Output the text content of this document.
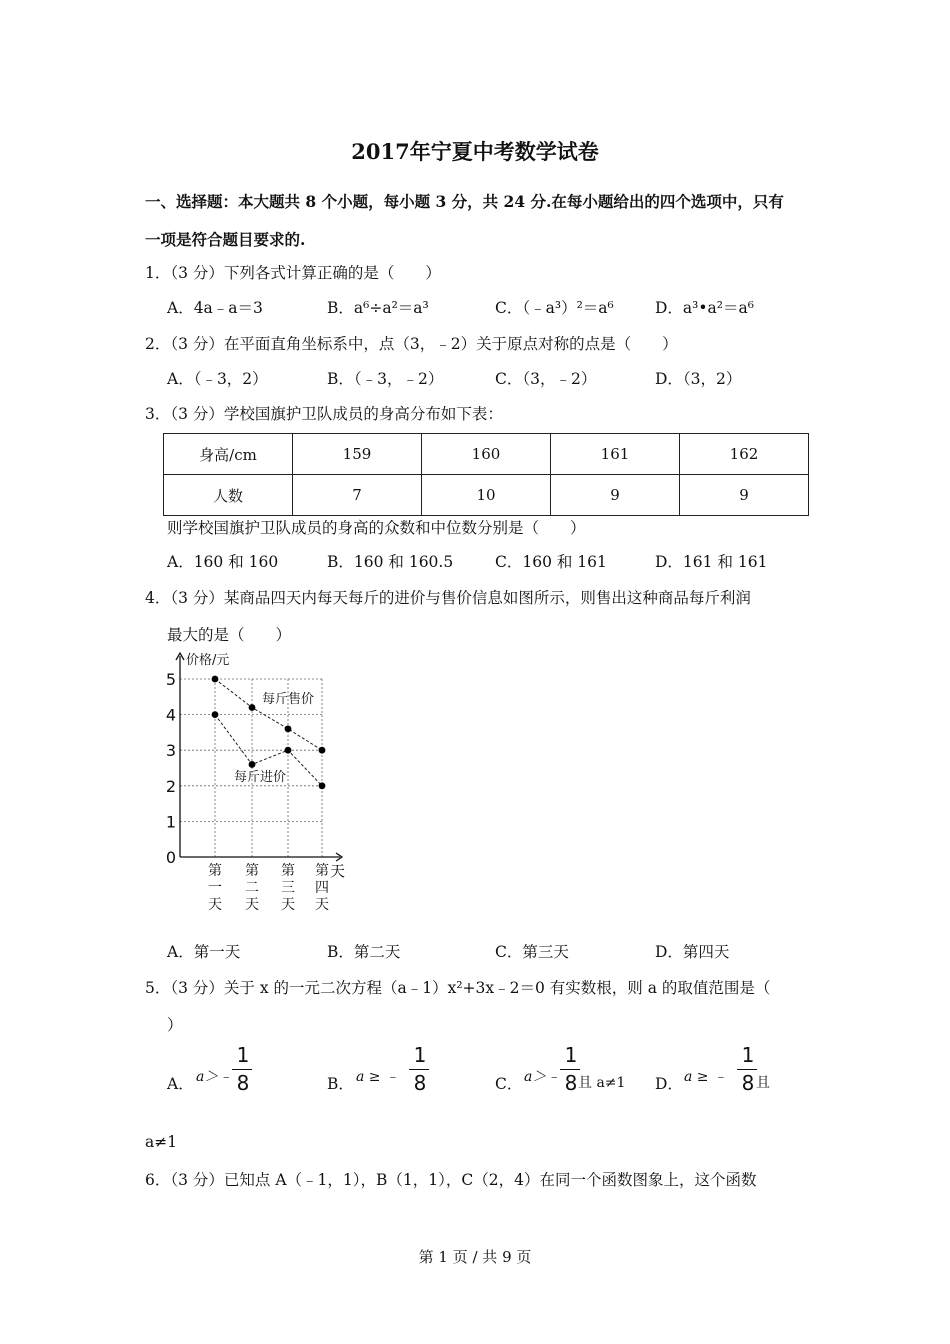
2017年宁夏中考数学试卷
一、选择题：本大题共 8 个小题，每小题 3 分，共 24 分.在每小题给出的四个选项中，只有
一项是符合题目要求的.
1．（3 分）下列各式计算正确的是（　　）
A．4a﹣a＝3	B．a⁶÷a²＝a³	C．（﹣a³）²＝a⁶	D．a³•a²＝a⁶
2．（3 分）在平面直角坐标系中，点（3，﹣2）关于原点对称的点是（　　）
A．（﹣3，2）	B．（﹣3，﹣2）	C．（3，﹣2）	D．（3，2）
3．（3 分）学校国旗护卫队成员的身高分布如下表：
身高/cm	159	160	161	162
人数	7	10	9	9
则学校国旗护卫队成员的身高的众数和中位数分别是（　　）
A．160 和 160	B．160 和 160.5	C．160 和 161	D．161 和 161
4．（3 分）某商品四天内每天每斤的进价与售价信息如图所示，则售出这种商品每斤利润
最大的是（　　）
0
1
2
3
4
5
价格/元
天
第
一
天
第
二
天
第
三
天
第
四
天
每斤售价
每斤进价
A．第一天	B．第二天	C．第三天	D．第四天
5．（3 分）关于 x 的一元二次方程（a﹣1）x²+3x﹣2＝0 有实数根，则 a 的取值范围是（
）
A． a＞﹣
1
8	B． a ≥ ﹣
1
8	C． a＞﹣
1
8 且 a≠1 D． a ≥ ﹣
1
8 且
a≠1
6．（3 分）已知点 A（﹣1，1），B（1，1），C（2，4）在同一个函数图象上，这个函数
第 1 页 / 共 9 页
